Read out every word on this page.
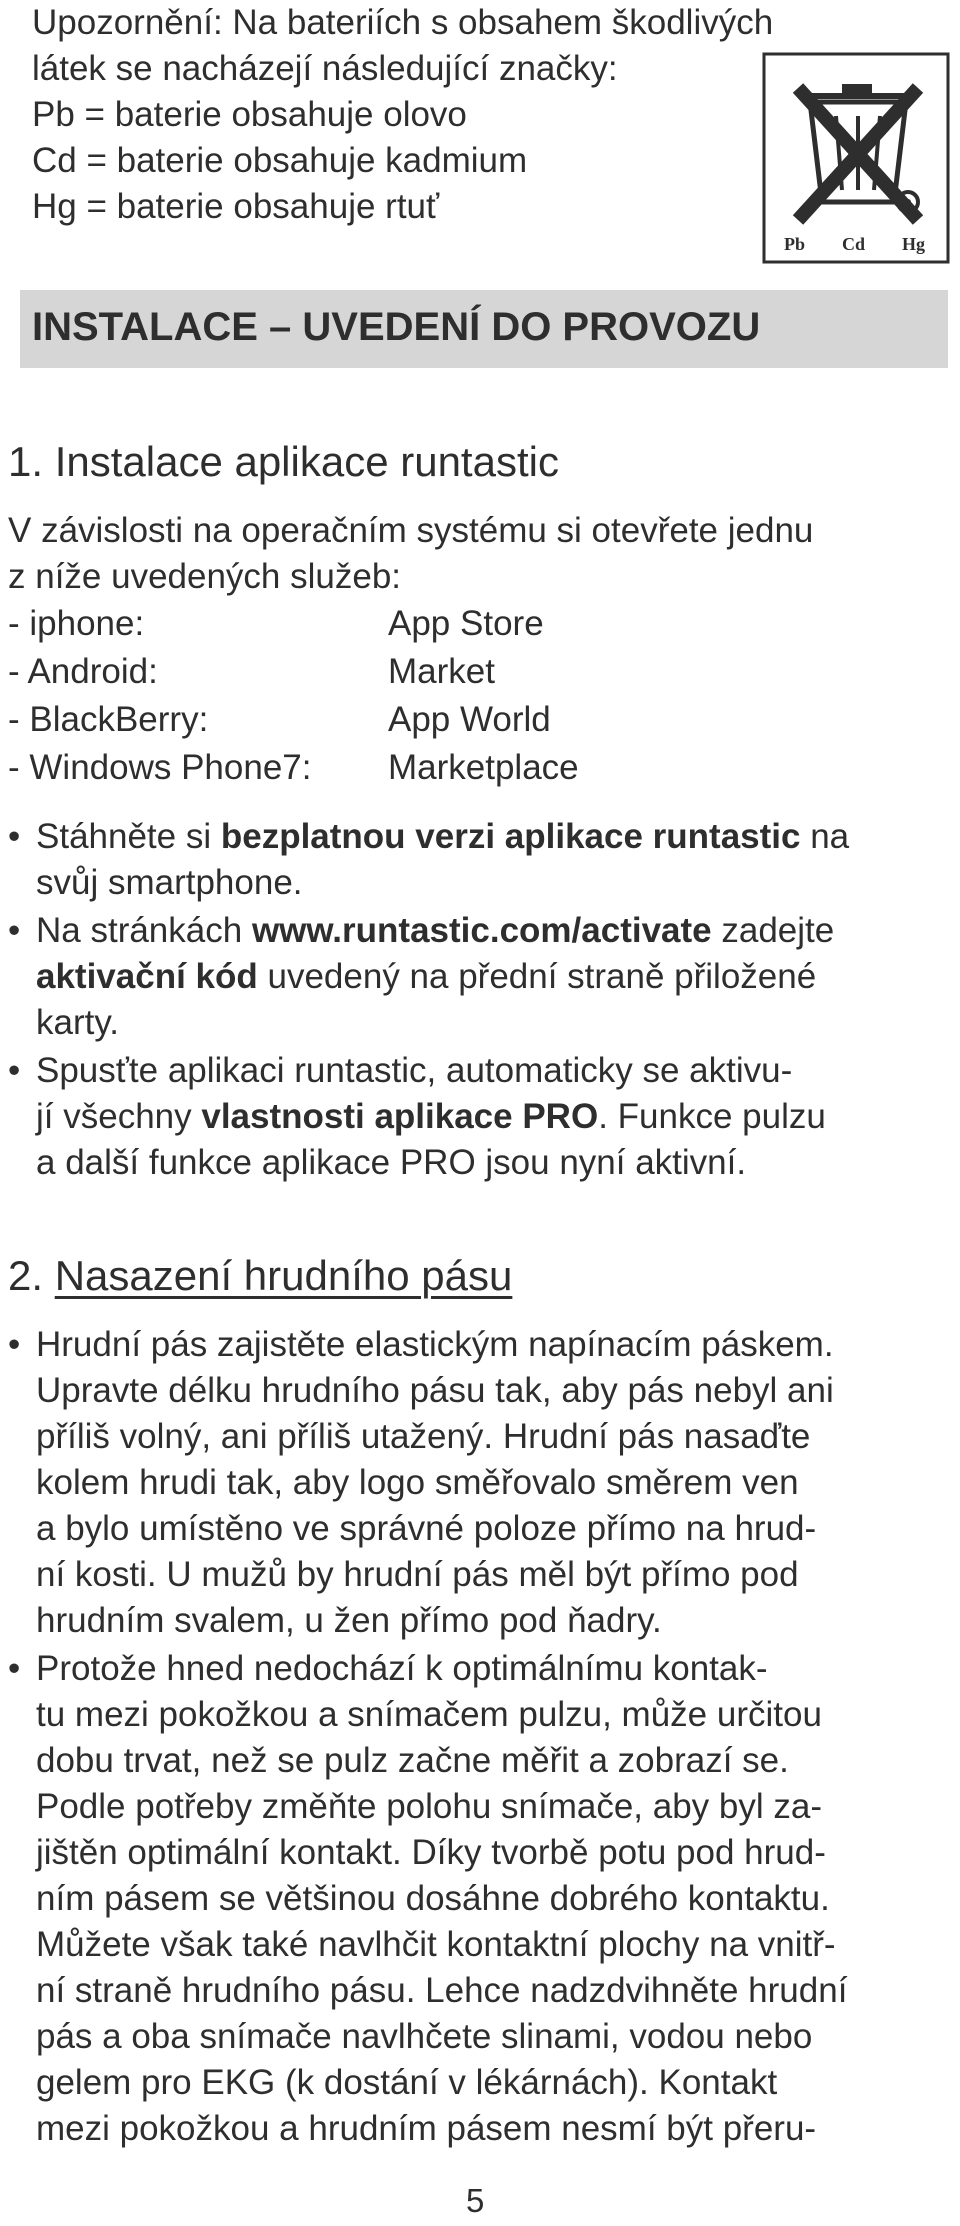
Upozornění: Na bateriích s obsahem škodlivých
látek se nacházejí následující značky:
Pb = baterie obsahuje olovo
Cd = baterie obsahuje kadmium
Hg = baterie obsahuje rtuť
Pb Cd Hg
INSTALACE – UVEDENÍ DO PROVOZU
1. Instalace aplikace runtastic
V závislosti na operačním systému si otevřete jednu
z níže uvedených služeb:
- iphone:	App Store
- Android:	Market
- BlackBerry:	App World
- Windows Phone7: Marketplace
• Stáhněte si bezplatnou verzi aplikace runtastic na
svůj smartphone.
• Na stránkách www.runtastic.com/activate zadejte
aktivační kód uvedený na přední straně přiložené
karty.
• Spusťte aplikaci runtastic, automaticky se aktivu-
jí všechny vlastnosti aplikace PRO. Funkce pulzu
a další funkce aplikace PRO jsou nyní aktivní.
2. Nasazení hrudního pásu
• Hrudní pás zajistěte elastickým napínacím páskem.
Upravte délku hrudního pásu tak, aby pás nebyl ani
příliš volný, ani příliš utažený. Hrudní pás nasaďte
kolem hrudi tak, aby logo směřovalo směrem ven
a bylo umístěno ve správné poloze přímo na hrud-
ní kosti. U mužů by hrudní pás měl být přímo pod
hrudním svalem, u žen přímo pod ňadry.
• Protože hned nedochází k optimálnímu kontak-
tu mezi pokožkou a snímačem pulzu, může určitou
dobu trvat, než se pulz začne měřit a zobrazí se.
Podle potřeby změňte polohu snímače, aby byl za-
jištěn optimální kontakt. Díky tvorbě potu pod hrud-
ním pásem se většinou dosáhne dobrého kontaktu.
Můžete však také navlhčit kontaktní plochy na vnitř-
ní straně hrudního pásu. Lehce nadzdvihněte hrudní
pás a oba snímače navlhčete slinami, vodou nebo
gelem pro EKG (k dostání v lékárnách). Kontakt
mezi pokožkou a hrudním pásem nesmí být přeru-
5
